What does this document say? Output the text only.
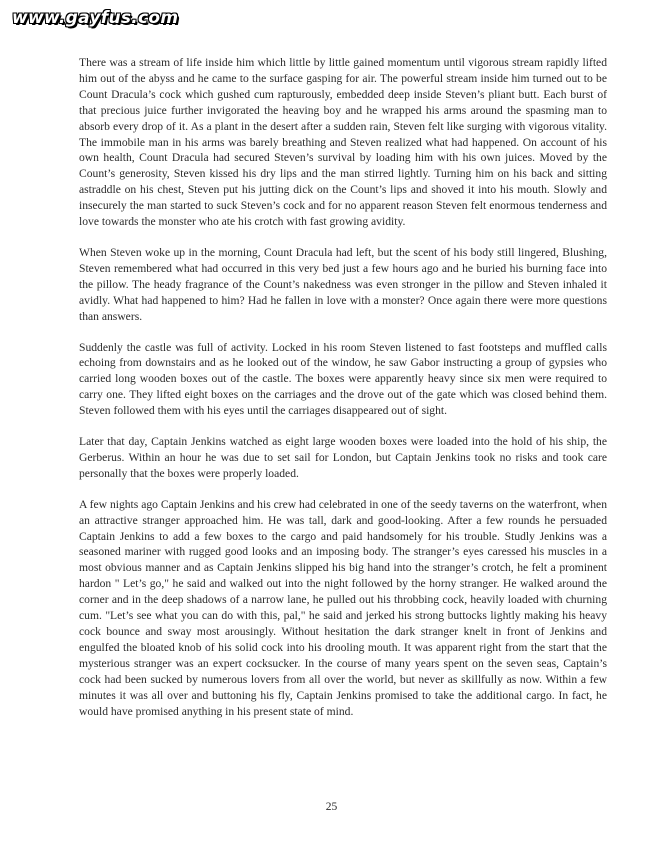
www.gayfus.com

There was a stream of life inside him which little by little gained momentum until vigorous stream rapidly lifted him out of the abyss and he came to the surface gasping for air. The powerful stream inside him turned out to be Count Dracula’s cock which gushed cum rapturously, embedded deep inside Steven’s pliant butt. Each burst of that precious juice further invigorated the heaving boy and he wrapped his arms around the spasming man to absorb every drop of it. As a plant in the desert after a sudden rain, Steven felt like surging with vigorous vitality. The immobile man in his arms was barely breathing and Steven realized what had happened. On account of his own health, Count Dracula had secured Steven’s survival by loading him with his own juices. Moved by the Count’s generosity, Steven kissed his dry lips and the man stirred lightly. Turning him on his back and sitting astraddle on his chest, Steven put his jutting dick on the Count’s lips and shoved it into his mouth. Slowly and insecurely the man started to suck Steven’s cock and for no apparent reason Steven felt enormous tenderness and love towards the monster who ate his crotch with fast growing avidity.

When Steven woke up in the morning, Count Dracula had left, but the scent of his body still lingered, Blushing, Steven remembered what had occurred in this very bed just a few hours ago and he buried his burning face into the pillow. The heady fragrance of the Count’s nakedness was even stronger in the pillow and Steven inhaled it avidly. What had happened to him? Had he fallen in love with a monster? Once again there were more questions than answers.

Suddenly the castle was full of activity. Locked in his room Steven listened to fast footsteps and muffled calls echoing from downstairs and as he looked out of the window, he saw Gabor instructing a group of gypsies who carried long wooden boxes out of the castle. The boxes were apparently heavy since six men were required to carry one. They lifted eight boxes on the carriages and the drove out of the gate which was closed behind them. Steven followed them with his eyes until the carriages disappeared out of sight.

Later that day, Captain Jenkins watched as eight large wooden boxes were loaded into the hold of his ship, the Gerberus. Within an hour he was due to set sail for London, but Captain Jenkins took no risks and took care personally that the boxes were properly loaded.

A few nights ago Captain Jenkins and his crew had celebrated in one of the seedy taverns on the waterfront, when an attractive stranger approached him. He was tall, dark and good-looking. After a few rounds he persuaded Captain Jenkins to add a few boxes to the cargo and paid handsomely for his trouble. Studly Jenkins was a seasoned mariner with rugged good looks and an imposing body. The stranger’s eyes caressed his muscles in a most obvious manner and as Captain Jenkins slipped his big hand into the stranger’s crotch, he felt a prominent hardon " Let’s go," he said and walked out into the night followed by the horny stranger. He walked around the corner and in the deep shadows of a narrow lane, he pulled out his throbbing cock, heavily loaded with churning cum. "Let’s see what you can do with this, pal," he said and jerked his strong buttocks lightly making his heavy cock bounce and sway most arousingly. Without hesitation the dark stranger knelt in front of Jenkins and engulfed the bloated knob of his solid cock into his drooling mouth. It was apparent right from the start that the mysterious stranger was an expert cocksucker. In the course of many years spent on the seven seas, Captain’s cock had been sucked by numerous lovers from all over the world, but never as skillfully as now. Within a few minutes it was all over and buttoning his fly, Captain Jenkins promised to take the additional cargo. In fact, he would have promised anything in his present state of mind.

25
